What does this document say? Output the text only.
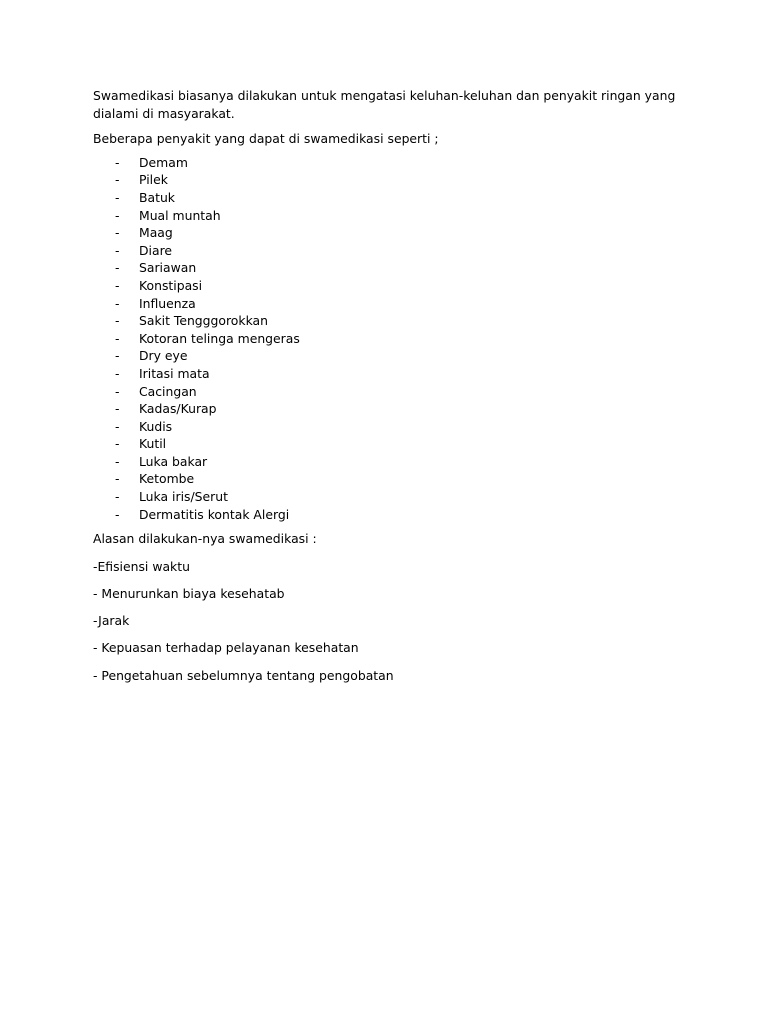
Swamedikasi biasanya dilakukan untuk mengatasi keluhan-keluhan dan penyakit ringan yang dialami di masyarakat.

Beberapa penyakit yang dapat di swamedikasi seperti ;

- Demam
- Pilek
- Batuk
- Mual muntah
- Maag
- Diare
- Sariawan
- Konstipasi
- Influenza
- Sakit Tengggorokkan
- Kotoran telinga mengeras
- Dry eye
- Iritasi mata
- Cacingan
- Kadas/Kurap
- Kudis
- Kutil
- Luka bakar
- Ketombe
- Luka iris/Serut
- Dermatitis kontak Alergi

Alasan dilakukan-nya swamedikasi :

-Efisiensi waktu

- Menurunkan biaya kesehatab

-Jarak

- Kepuasan terhadap pelayanan kesehatan

- Pengetahuan sebelumnya tentang pengobatan
